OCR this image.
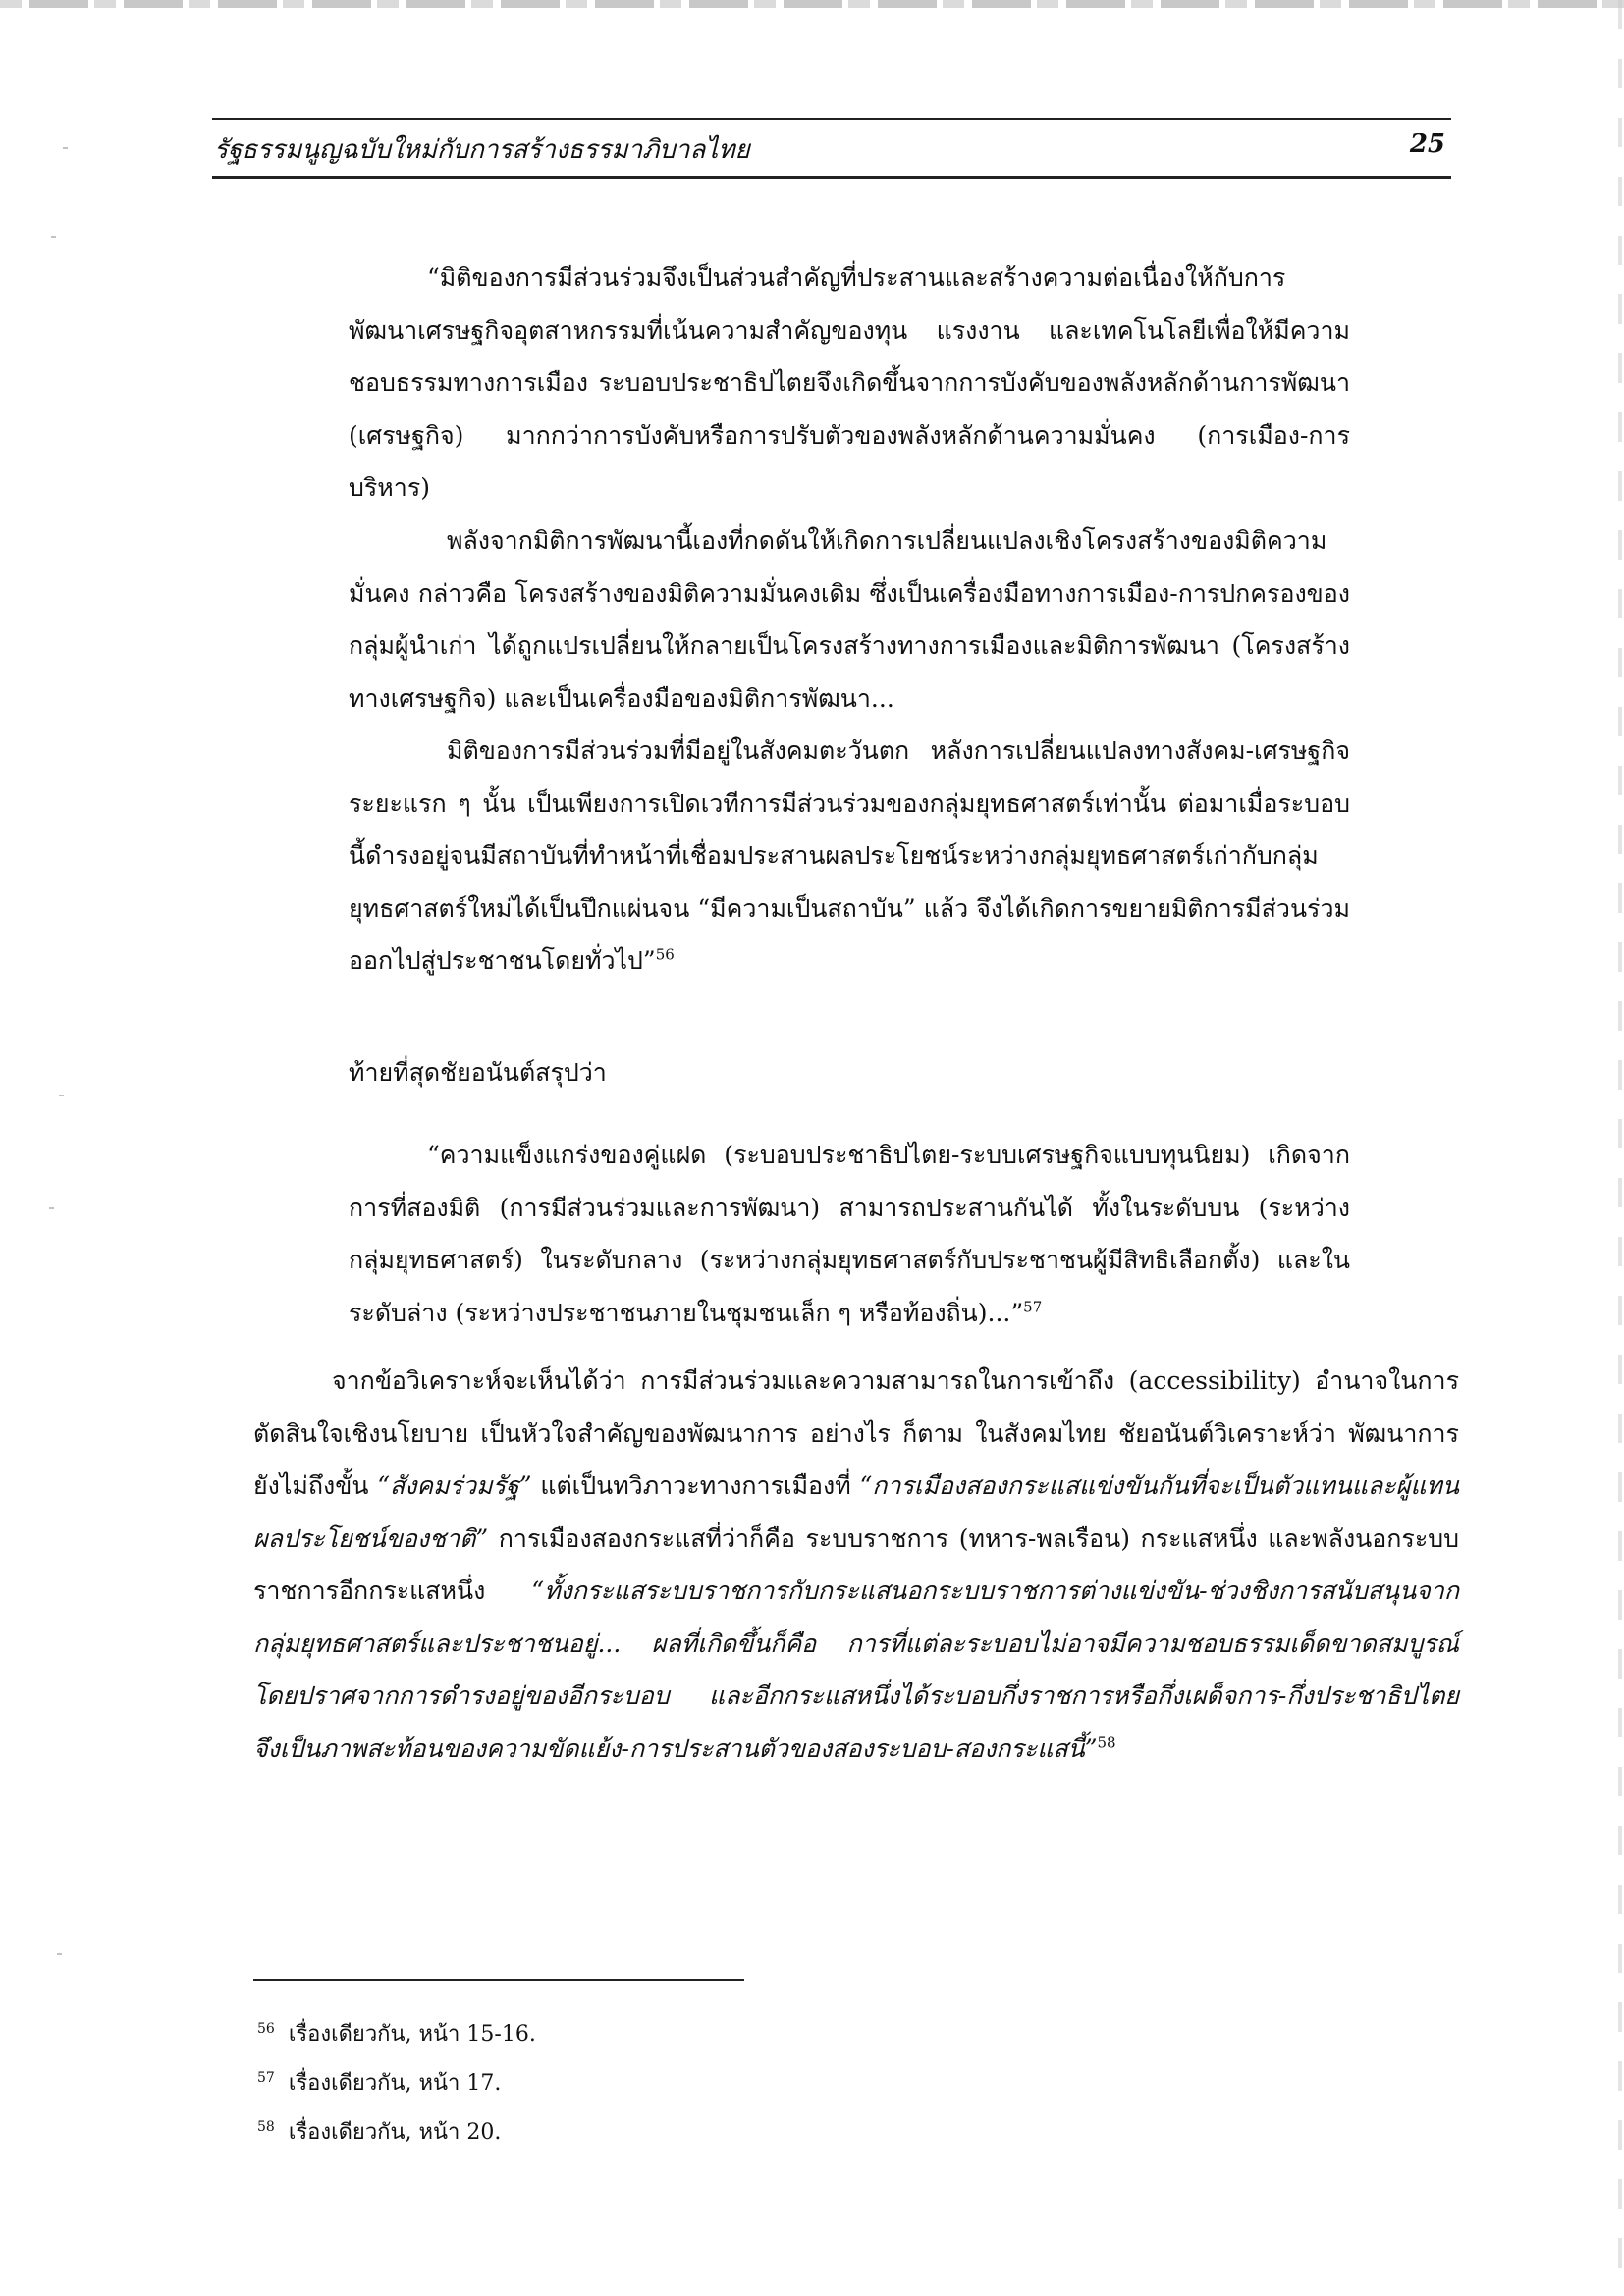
รัฐธรรมนูญฉบับใหม่กับการสร้างธรรมาภิบาลไทย	25

“มิติของการมีส่วนร่วมจึงเป็นส่วนสำคัญที่ประสานและสร้างความต่อเนื่องให้กับการพัฒนาเศรษฐกิจอุตสาหกรรมที่เน้นความสำคัญของทุน แรงงาน และเทคโนโลยีเพื่อให้มีความชอบธรรมทางการเมือง ระบอบประชาธิปไตยจึงเกิดขึ้นจากการบังคับของพลังหลักด้านการพัฒนา (เศรษฐกิจ) มากกว่าการบังคับหรือการปรับตัวของพลังหลักด้านความมั่นคง (การเมือง-การบริหาร)

พลังจากมิติการพัฒนานี้เองที่กดดันให้เกิดการเปลี่ยนแปลงเชิงโครงสร้างของมิติความมั่นคง กล่าวคือ โครงสร้างของมิติความมั่นคงเดิม ซึ่งเป็นเครื่องมือทางการเมือง-การปกครองของกลุ่มผู้นำเก่า ได้ถูกแปรเปลี่ยนให้กลายเป็นโครงสร้างทางการเมืองและมิติการพัฒนา (โครงสร้างทางเศรษฐกิจ) และเป็นเครื่องมือของมิติการพัฒนา...

มิติของการมีส่วนร่วมที่มีอยู่ในสังคมตะวันตก หลังการเปลี่ยนแปลงทางสังคม-เศรษฐกิจระยะแรก ๆ นั้น เป็นเพียงการเปิดเวทีการมีส่วนร่วมของกลุ่มยุทธศาสตร์เท่านั้น ต่อมาเมื่อระบอบนี้ดำรงอยู่จนมีสถาบันที่ทำหน้าที่เชื่อมประสานผลประโยชน์ระหว่างกลุ่มยุทธศาสตร์เก่ากับกลุ่มยุทธศาสตร์ใหม่ได้เป็นปึกแผ่นจน “มีความเป็นสถาบัน” แล้ว จึงได้เกิดการขยายมิติการมีส่วนร่วมออกไปสู่ประชาชนโดยทั่วไป”$^{56}$

ท้ายที่สุดชัยอนันต์สรุปว่า

“ความแข็งแกร่งของคู่แฝด (ระบอบประชาธิปไตย-ระบบเศรษฐกิจแบบทุนนิยม) เกิดจากการที่สองมิติ (การมีส่วนร่วมและการพัฒนา) สามารถประสานกันได้ ทั้งในระดับบน (ระหว่างกลุ่มยุทธศาสตร์) ในระดับกลาง (ระหว่างกลุ่มยุทธศาสตร์กับประชาชนผู้มีสิทธิเลือกตั้ง) และในระดับล่าง (ระหว่างประชาชนภายในชุมชนเล็ก ๆ หรือท้องถิ่น)...”$^{57}$

จากข้อวิเคราะห์จะเห็นได้ว่า การมีส่วนร่วมและความสามารถในการเข้าถึง (accessibility) อำนาจในการตัดสินใจเชิงนโยบาย เป็นหัวใจสำคัญของพัฒนาการ อย่างไร ก็ตาม ในสังคมไทย ชัยอนันต์วิเคราะห์ว่า พัฒนาการยังไม่ถึงขั้น “สังคมร่วมรัฐ” แต่เป็นทวิภาวะทางการเมืองที่ “การเมืองสองกระแสแข่งขันกันที่จะเป็นตัวแทนและผู้แทนผลประโยชน์ของชาติ” การเมืองสองกระแสที่ว่าก็คือ ระบบราชการ (ทหาร-พลเรือน) กระแสหนึ่ง และพลังนอกระบบราชการอีกกระแสหนึ่ง “ทั้งกระแสระบบราชการกับกระแสนอกระบบราชการต่างแข่งขัน-ช่วงชิงการสนับสนุนจากกลุ่มยุทธศาสตร์และประชาชนอยู่... ผลที่เกิดขึ้นก็คือ การที่แต่ละระบอบไม่อาจมีความชอบธรรมเด็ดขาดสมบูรณ์ โดยปราศจากการดำรงอยู่ของอีกระบอบ และอีกกระแสหนึ่งได้ระบอบกึ่งราชการหรือกึ่งเผด็จการ-กึ่งประชาธิปไตย จึงเป็นภาพสะท้อนของความขัดแย้ง-การประสานตัวของสองระบอบ-สองกระแสนี้”$^{58}$

$^{56}$ เรื่องเดียวกัน, หน้า 15-16.
$^{57}$ เรื่องเดียวกัน, หน้า 17.
$^{58}$ เรื่องเดียวกัน, หน้า 20.
